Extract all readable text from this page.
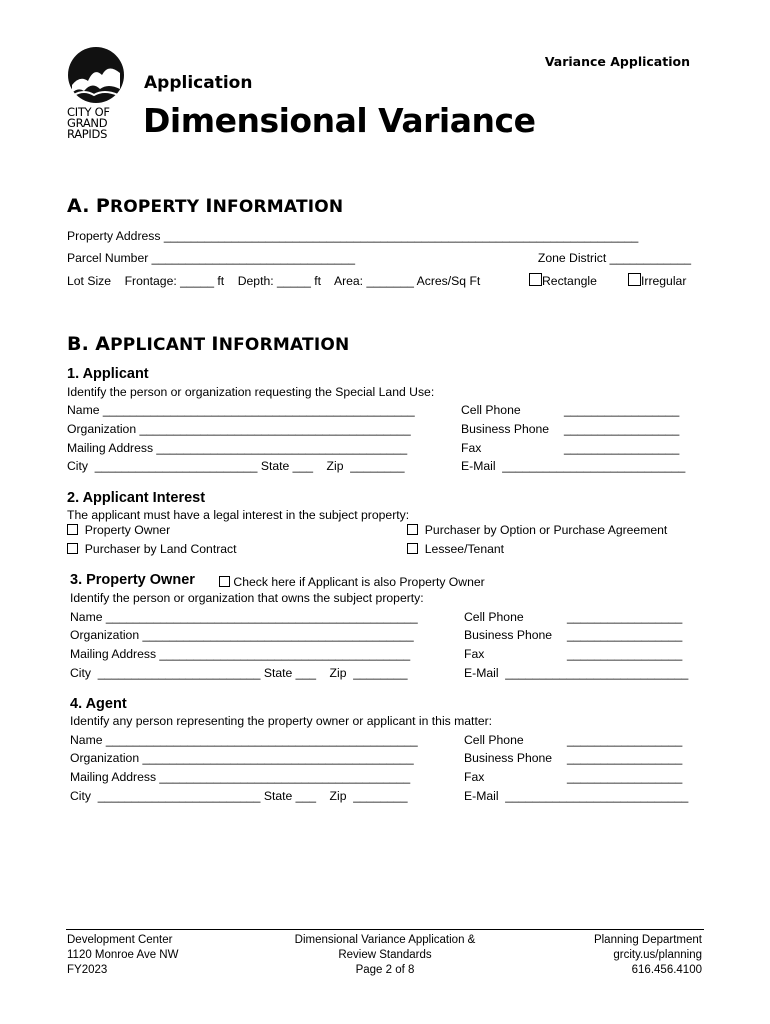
CITY OF
GRAND
RAPIDS
Variance Application
Application
Dimensional Variance
A. PROPERTY INFORMATION
Property Address ______________________________________________________________________
Parcel Number ______________________________	Zone District ____________
Lot Size    Frontage: _____ ft    Depth: _____ ft    Area: _______ Acres/Sq Ft	Rectangle	Irregular
B. APPLICANT INFORMATION
1. Applicant
Identify the person or organization requesting the Special Land Use:
Name ______________________________________________
Organization ________________________________________
Mailing Address _____________________________________
City  ________________________ State ___    Zip  ________
Cell Phone	_________________
Business Phone _________________
Fax	_________________
E-Mail  ___________________________
2. Applicant Interest
The applicant must have a legal interest in the subject property:
Property Owner
Purchaser by Land Contract
Purchaser by Option or Purchase Agreement
Lessee/Tenant
3. Property Owner	Check here if Applicant is also Property Owner
Identify the person or organization that owns the subject property:
Name ______________________________________________
Organization ________________________________________
Mailing Address _____________________________________
City  ________________________ State ___    Zip  ________
Cell Phone	_________________
Business Phone _________________
Fax	_________________
E-Mail  ___________________________
4. Agent
Identify any person representing the property owner or applicant in this matter:
Name ______________________________________________
Organization ________________________________________
Mailing Address _____________________________________
City  ________________________ State ___    Zip  ________
Cell Phone	_________________
Business Phone _________________
Fax	_________________
E-Mail  ___________________________
Development Center
1120 Monroe Ave NW
FY2023
Dimensional Variance Application &
Review Standards
Page 2 of 8
Planning Department
grcity.us/planning
616.456.4100
